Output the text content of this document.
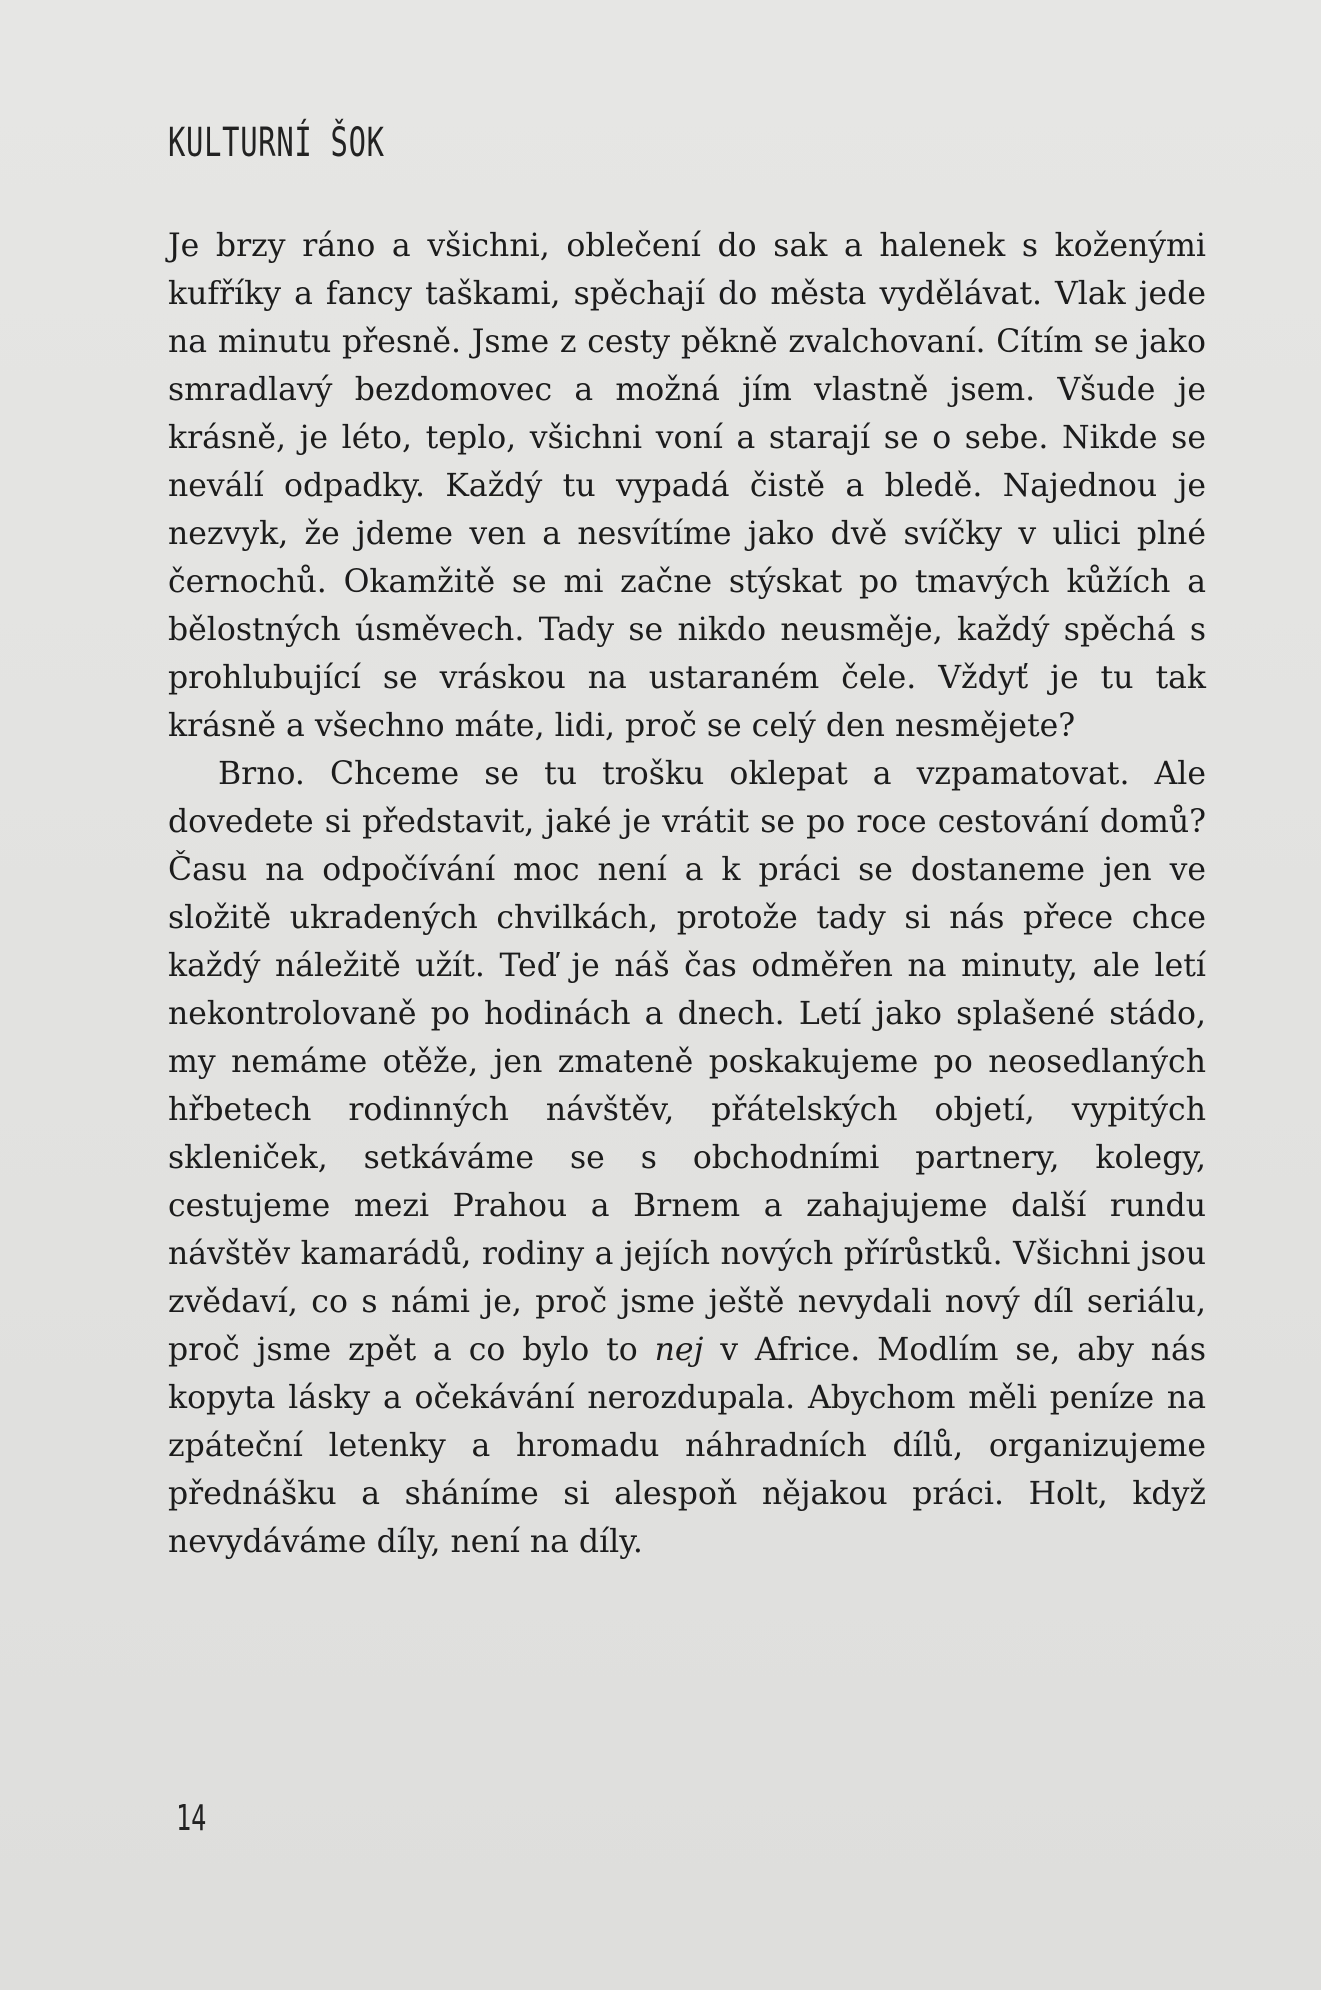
KULTURNÍ ŠOK

Je brzy ráno a všichni, oblečení do sak a halenek s koženými kufříky a fancy taškami, spěchají do města vydělávat. Vlak jede na minutu přesně. Jsme z cesty pěkně zvalchovaní. Cítím se jako smradlavý bezdomovec a možná jím vlastně jsem. Všude je krásně, je léto, teplo, všichni voní a starají se o sebe. Nikde se neválí odpadky. Každý tu vypadá čistě a bledě. Najednou je nezvyk, že jdeme ven a nesvítíme jako dvě svíčky v ulici plné černochů. Okamžitě se mi začne stýskat po tmavých kůžích a bělostných úsměvech. Tady se nikdo neusměje, každý spěchá s prohlubující se vráskou na ustaraném čele. Vždyť je tu tak krásně a všechno máte, lidi, proč se celý den nesmějete?

Brno. Chceme se tu trošku oklepat a vzpamatovat. Ale dovedete si představit, jaké je vrátit se po roce cestování domů? Času na odpočívání moc není a k práci se dostaneme jen ve složitě ukradených chvilkách, protože tady si nás přece chce každý náležitě užít. Teď je náš čas odměřen na minuty, ale letí nekontrolovaně po hodinách a dnech. Letí jako splašené stádo, my nemáme otěže, jen zmateně poskakujeme po neosedlaných hřbetech rodinných návštěv, přátelských objetí, vypitých skleniček, setkáváme se s obchodními partnery, kolegy, cestujeme mezi Prahou a Brnem a zahajujeme další rundu návštěv kamarádů, rodiny a jejích nových přírůstků. Všichni jsou zvědaví, co s námi je, proč jsme ještě nevydali nový díl seriálu, proč jsme zpět a co bylo to nej v Africe. Modlím se, aby nás kopyta lásky a očekávání nerozdupala. Abychom měli peníze na zpáteční letenky a hromadu náhradních dílů, organizujeme přednášku a sháníme si alespoň nějakou práci. Holt, když nevydáváme díly, není na díly.

14
